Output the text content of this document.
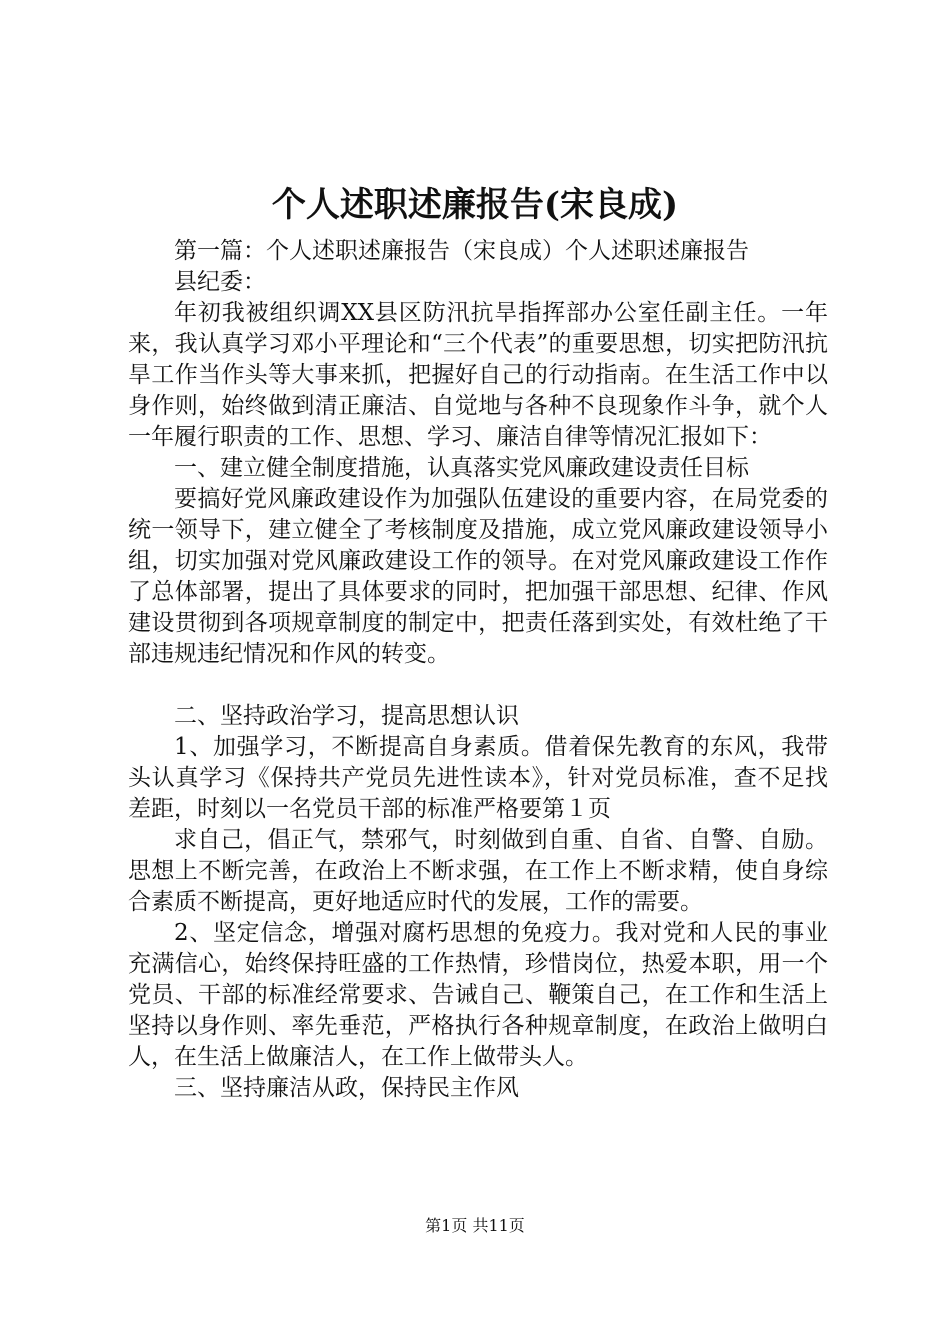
个人述职述廉报告(宋良成)

第一篇：个人述职述廉报告（宋良成）个人述职述廉报告

县纪委：

年初我被组织调XX县区防汛抗旱指挥部办公室任副主任。一年来，我认真学习邓小平理论和“三个代表”的重要思想，切实把防汛抗旱工作当作头等大事来抓，把握好自己的行动指南。在生活工作中以身作则，始终做到清正廉洁、自觉地与各种不良现象作斗争，就个人一年履行职责的工作、思想、学习、廉洁自律等情况汇报如下：

一、建立健全制度措施，认真落实党风廉政建设责任目标

要搞好党风廉政建设作为加强队伍建设的重要内容，在局党委的统一领导下，建立健全了考核制度及措施，成立党风廉政建设领导小组，切实加强对党风廉政建设工作的领导。在对党风廉政建设工作作了总体部署，提出了具体要求的同时，把加强干部思想、纪律、作风建设贯彻到各项规章制度的制定中，把责任落到实处，有效杜绝了干部违规违纪情况和作风的转变。

二、坚持政治学习，提高思想认识

1、加强学习，不断提高自身素质。借着保先教育的东风，我带头认真学习《保持共产党员先进性读本》，针对党员标准，查不足找差距，时刻以一名党员干部的标准严格要第１页

求自己，倡正气，禁邪气，时刻做到自重、自省、自警、自励。思想上不断完善，在政治上不断求强，在工作上不断求精，使自身综合素质不断提高，更好地适应时代的发展，工作的需要。

2、坚定信念，增强对腐朽思想的免疫力。我对党和人民的事业充满信心，始终保持旺盛的工作热情，珍惜岗位，热爱本职，用一个党员、干部的标准经常要求、告诫自己、鞭策自己，在工作和生活上坚持以身作则、率先垂范，严格执行各种规章制度，在政治上做明白人，在生活上做廉洁人，在工作上做带头人。

三、坚持廉洁从政，保持民主作风

第1页 共11页
